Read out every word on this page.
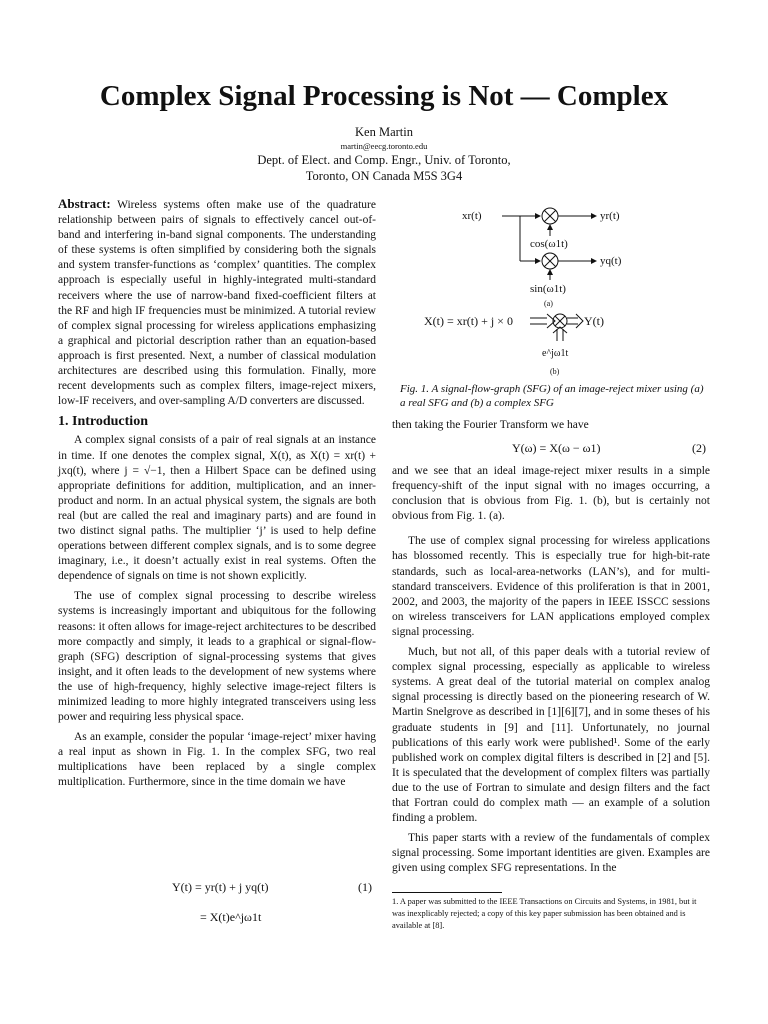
Complex Signal Processing is Not — Complex
Ken Martin
martin@eecg.toronto.edu
Dept. of Elect. and Comp. Engr., Univ. of Toronto,
Toronto, ON Canada M5S 3G4

Abstract: Wireless systems often make use of the quadrature relationship between pairs of signals to effectively cancel out-of-band and interfering in-band signal components. The understanding of these systems is often simplified by considering both the signals and system transfer-functions as ‘complex’ quantities. The complex approach is especially useful in highly-integrated multi-standard receivers where the use of narrow-band fixed-coefficient filters at the RF and high IF frequencies must be minimized. A tutorial review of complex signal processing for wireless applications emphasizing a graphical and pictorial description rather than an equation-based approach is first presented. Next, a number of classical modulation architectures are described using this formulation. Finally, more recent developments such as complex filters, image-reject mixers, low-IF receivers, and over-sampling A/D converters are discussed.

1. Introduction

A complex signal consists of a pair of real signals at an instance in time. If one denotes the complex signal, X(t), as X(t) = xr(t) + jxq(t), where j = √−1, then a Hilbert Space can be defined using appropriate definitions for addition, multiplication, and an inner-product and norm. In an actual physical system, the signals are both real (but are called the real and imaginary parts) and are found in two distinct signal paths. The multiplier ‘j’ is used to help define operations between different complex signals, and is to some degree imaginary, i.e., it doesn’t actually exist in real systems. Often the dependence of signals on time is not shown explicitly.

The use of complex signal processing to describe wireless systems is increasingly important and ubiquitous for the following reasons: it often allows for image-reject architectures to be described more compactly and simply, it leads to a graphical or signal-flow-graph (SFG) description of signal-processing systems that gives insight, and it often leads to the development of new systems where the use of high-frequency, highly selective image-reject filters is minimized leading to more highly integrated transceivers using less power and requiring less physical space.

As an example, consider the popular ‘image-reject’ mixer having a real input as shown in Fig. 1. In the complex SFG, two real multiplications have been replaced by a single complex multiplication. Furthermore, since in the time domain we have

Y(t) = yr(t) + j yq(t)	(1)
= X(t)e^jω1t
xr(t)	yr(t)
yq(t)
cos(ω1t)
sin(ω1t)
(a)
X(t) = xr(t) + j × 0	Y(t)
e^jω1t
(b)
Fig. 1. A signal-flow-graph (SFG) of an image-reject mixer using (a) a real SFG and (b) a complex SFG
then taking the Fourier Transform we have
Y(ω) = X(ω − ω1)	(2)

and we see that an ideal image-reject mixer results in a simple frequency-shift of the input signal with no images occurring, a conclusion that is obvious from Fig. 1. (b), but is certainly not obvious from Fig. 1. (a).

The use of complex signal processing for wireless applications has blossomed recently. This is especially true for high-bit-rate standards, such as local-area-networks (LAN’s), and for multi-standard transceivers. Evidence of this proliferation is that in 2001, 2002, and 2003, the majority of the papers in IEEE ISSCC sessions on wireless transceivers for LAN applications employed complex signal processing.

Much, but not all, of this paper deals with a tutorial review of complex signal processing, especially as applicable to wireless systems. A great deal of the tutorial material on complex analog signal processing is directly based on the pioneering research of W. Martin Snelgrove as described in [1][6][7], and in some theses of his graduate students in [9] and [11]. Unfortunately, no journal publications of this early work were published¹. Some of the early published work on complex digital filters is described in [2] and [5]. It is speculated that the development of complex filters was partially due to the use of Fortran to simulate and design filters and the fact that Fortran could do complex math — an example of a solution finding a problem.

This paper starts with a review of the fundamentals of complex signal processing. Some important identities are given. Examples are given using complex SFG representations. In the

1. A paper was submitted to the IEEE Transactions on Circuits and Systems, in 1981, but it was inexplicably rejected; a copy of this key paper submission has been obtained and is available at [8].
